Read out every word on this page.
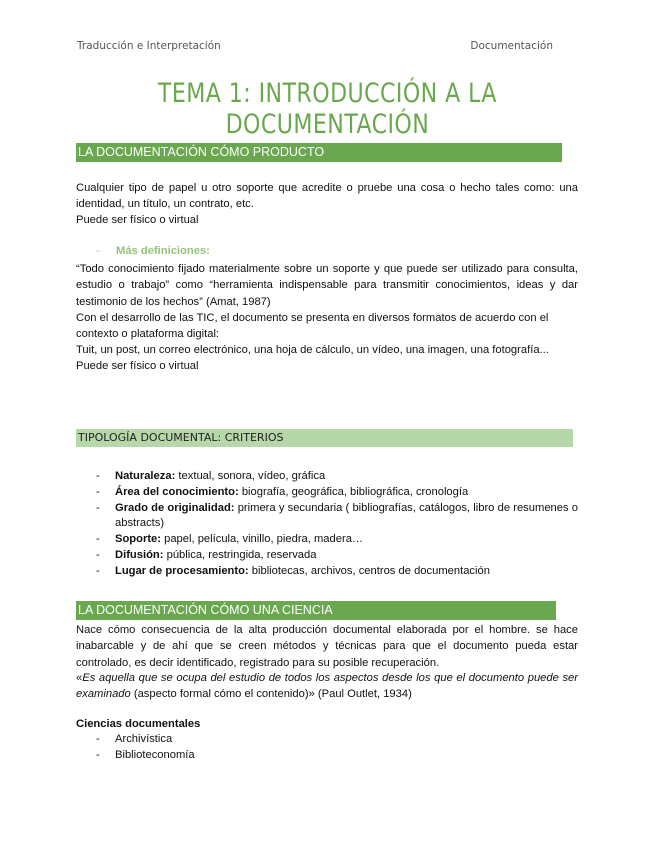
Traducción e Interpretación	Documentación
TEMA 1: INTRODUCCIÓN A LA DOCUMENTACIÓN
LA DOCUMENTACIÓN CÓMO PRODUCTO
Cualquier tipo de papel u otro soporte que acredite o pruebe una cosa o hecho tales como: una identidad, un título, un contrato, etc.
Puede ser físico o virtual
- Más definiciones:
“Todo conocimiento fijado materialmente sobre un soporte y que puede ser utilizado para consulta, estudio o trabajo” como “herramienta indispensable para transmitir conocimientos, ideas y dar testimonio de los hechos” (Amat, 1987)
Con el desarrollo de las TIC, el documento se presenta en diversos formatos de acuerdo con el contexto o plataforma digital:
Tuit, un post, un correo electrónico, una hoja de cálculo, un vídeo, una imagen, una fotografía...
Puede ser físico o virtual
TIPOLOGÍA DOCUMENTAL: CRITERIOS
- Naturaleza: textual, sonora, vídeo, gráfica
- Área del conocimiento: biografía, geográfica, bibliográfica, cronología
- Grado de originalidad: primera y secundaria ( bibliografías, catálogos, libro de resumenes o abstracts)
- Soporte: papel, película, vinillo, piedra, madera…
- Difusión: pública, restringida, reservada
- Lugar de procesamiento: bibliotecas, archivos, centros de documentación
LA DOCUMENTACIÓN CÓMO UNA CIENCIA
Nace cómo consecuencia de la alta producción documental elaborada por el hombre. se hace inabarcable y de ahí que se creen métodos y técnicas para que el documento pueda estar controlado, es decir identificado, registrado para su posible recuperación.
«Es aquella que se ocupa del estudio de todos los aspectos desde los que el documento puede ser examinado (aspecto formal cómo el contenido)» (Paul Outlet, 1934)
Ciencias documentales
- Archivística
- Biblioteconomía
